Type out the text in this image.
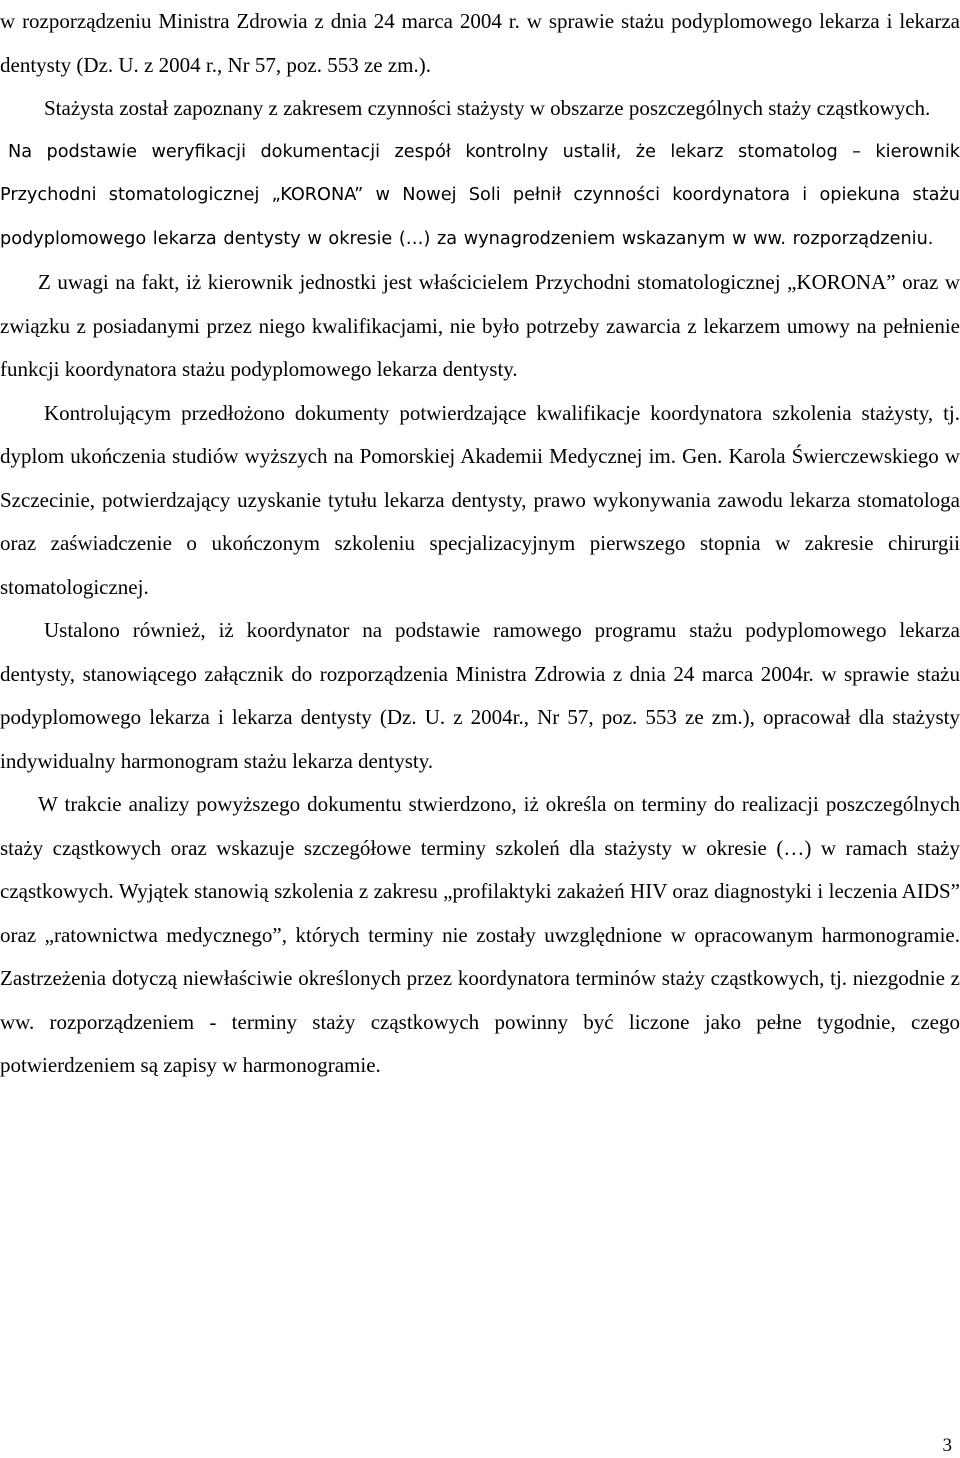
w rozporządzeniu Ministra Zdrowia z dnia 24 marca 2004 r. w sprawie stażu podyplomowego lekarza i lekarza dentysty (Dz. U. z 2004 r., Nr 57, poz. 553 ze zm.).

Stażysta został zapoznany z zakresem czynności stażysty w obszarze poszczególnych staży cząstkowych.

Na podstawie weryfikacji dokumentacji zespół kontrolny ustalił, że lekarz stomatolog – kierownik Przychodni stomatologicznej „KORONA” w Nowej Soli pełnił czynności koordynatora i opiekuna stażu podyplomowego lekarza dentysty w okresie (…) za wynagrodzeniem wskazanym w ww. rozporządzeniu.

Z uwagi na fakt, iż kierownik jednostki jest właścicielem Przychodni stomatologicznej „KORONA” oraz w związku z posiadanymi przez niego kwalifikacjami, nie było potrzeby zawarcia z lekarzem umowy na pełnienie funkcji koordynatora stażu podyplomowego lekarza dentysty.

Kontrolującym przedłożono dokumenty potwierdzające kwalifikacje koordynatora szkolenia stażysty, tj. dyplom ukończenia studiów wyższych na Pomorskiej Akademii Medycznej im. Gen. Karola Świerczewskiego w Szczecinie, potwierdzający uzyskanie tytułu lekarza dentysty, prawo wykonywania zawodu lekarza stomatologa oraz zaświadczenie o ukończonym szkoleniu specjalizacyjnym pierwszego stopnia w zakresie chirurgii stomatologicznej.

Ustalono również, iż koordynator na podstawie ramowego programu stażu podyplomowego lekarza dentysty, stanowiącego załącznik do rozporządzenia Ministra Zdrowia z dnia 24 marca 2004r. w sprawie stażu podyplomowego lekarza i lekarza dentysty (Dz. U. z 2004r., Nr 57, poz. 553 ze zm.), opracował dla stażysty indywidualny harmonogram stażu lekarza dentysty.

W trakcie analizy powyższego dokumentu stwierdzono, iż określa on terminy do realizacji poszczególnych staży cząstkowych oraz wskazuje szczegółowe terminy szkoleń dla stażysty w okresie (…) w ramach staży cząstkowych. Wyjątek stanowią szkolenia z zakresu „profilaktyki zakażeń HIV oraz diagnostyki i leczenia AIDS” oraz „ratownictwa medycznego”, których terminy nie zostały uwzględnione w opracowanym harmonogramie. Zastrzeżenia dotyczą niewłaściwie określonych przez koordynatora terminów staży cząstkowych, tj. niezgodnie z ww. rozporządzeniem - terminy staży cząstkowych powinny być liczone jako pełne tygodnie, czego potwierdzeniem są zapisy w harmonogramie.

3
